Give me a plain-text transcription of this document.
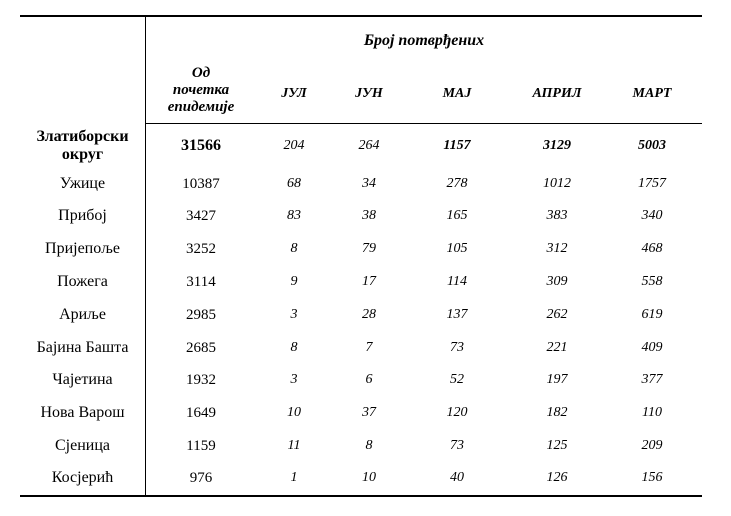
Број потврђених
Од
почетка
епидемије
ЈУЛ	ЈУН	МАЈ	АПРИЛ	МАРТ
Златиборски
округ
31566	204	264	1157	3129	5003
Ужице	10387	68	34	278	1012	1757
Прибој	3427	83	38	165	383	340
Пријепоље	3252	8	79	105	312	468
Пожега	3114	9	17	114	309	558
Ариље	2985	3	28	137	262	619
Бајина Башта	2685	8	7	73	221	409
Чајетина	1932	3	6	52	197	377
Нова Варош	1649	10	37	120	182	110
Сјеница	1159	11	8	73	125	209
Косјерић	976	1	10	40	126	156
